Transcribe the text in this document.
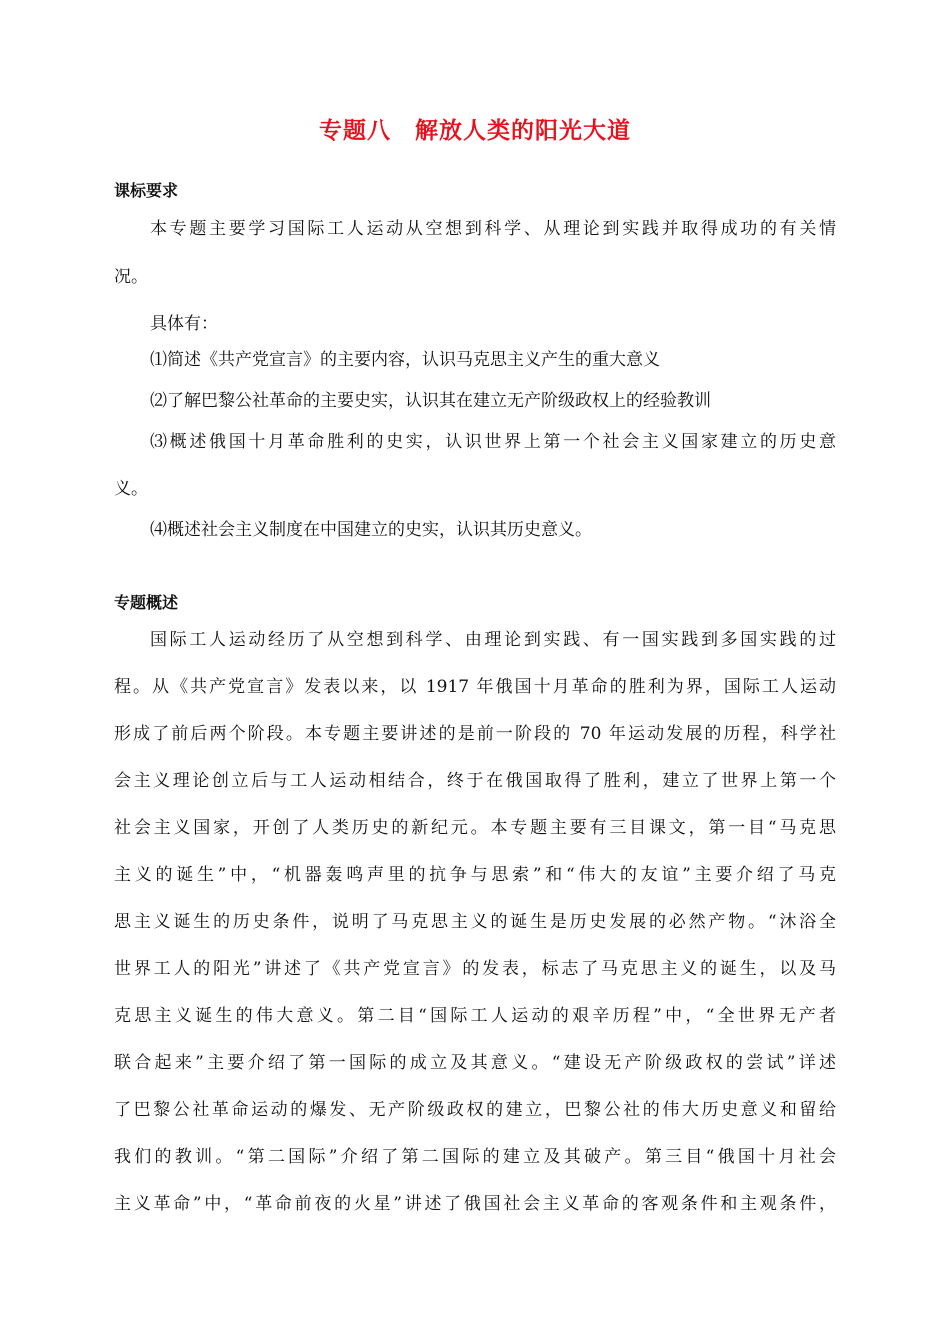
专题八　解放人类的阳光大道
课标要求
本专题主要学习国际工人运动从空想到科学、从理论到实践并取得成功的有关情
况。
具体有：
⑴简述《共产党宣言》的主要内容，认识马克思主义产生的重大意义
⑵了解巴黎公社革命的主要史实，认识其在建立无产阶级政权上的经验教训
⑶概述俄国十月革命胜利的史实，认识世界上第一个社会主义国家建立的历史意
义。
⑷概述社会主义制度在中国建立的史实，认识其历史意义。
专题概述
国际工人运动经历了从空想到科学、由理论到实践、有一国实践到多国实践的过
程。从《共产党宣言》发表以来，以 1917 年俄国十月革命的胜利为界，国际工人运动
形成了前后两个阶段。本专题主要讲述的是前一阶段的 70 年运动发展的历程，科学社
会主义理论创立后与工人运动相结合，终于在俄国取得了胜利，建立了世界上第一个
社会主义国家，开创了人类历史的新纪元。本专题主要有三目课文，第一目“马克思
主义的诞生”中，“机器轰鸣声里的抗争与思索”和“伟大的友谊”主要介绍了马克
思主义诞生的历史条件，说明了马克思主义的诞生是历史发展的必然产物。“沐浴全
世界工人的阳光”讲述了《共产党宣言》的发表，标志了马克思主义的诞生，以及马
克思主义诞生的伟大意义。第二目“国际工人运动的艰辛历程”中，“全世界无产者
联合起来”主要介绍了第一国际的成立及其意义。“建设无产阶级政权的尝试”详述
了巴黎公社革命运动的爆发、无产阶级政权的建立，巴黎公社的伟大历史意义和留给
我们的教训。“第二国际”介绍了第二国际的建立及其破产。第三目“俄国十月社会
主义革命”中，“革命前夜的火星”讲述了俄国社会主义革命的客观条件和主观条件，
